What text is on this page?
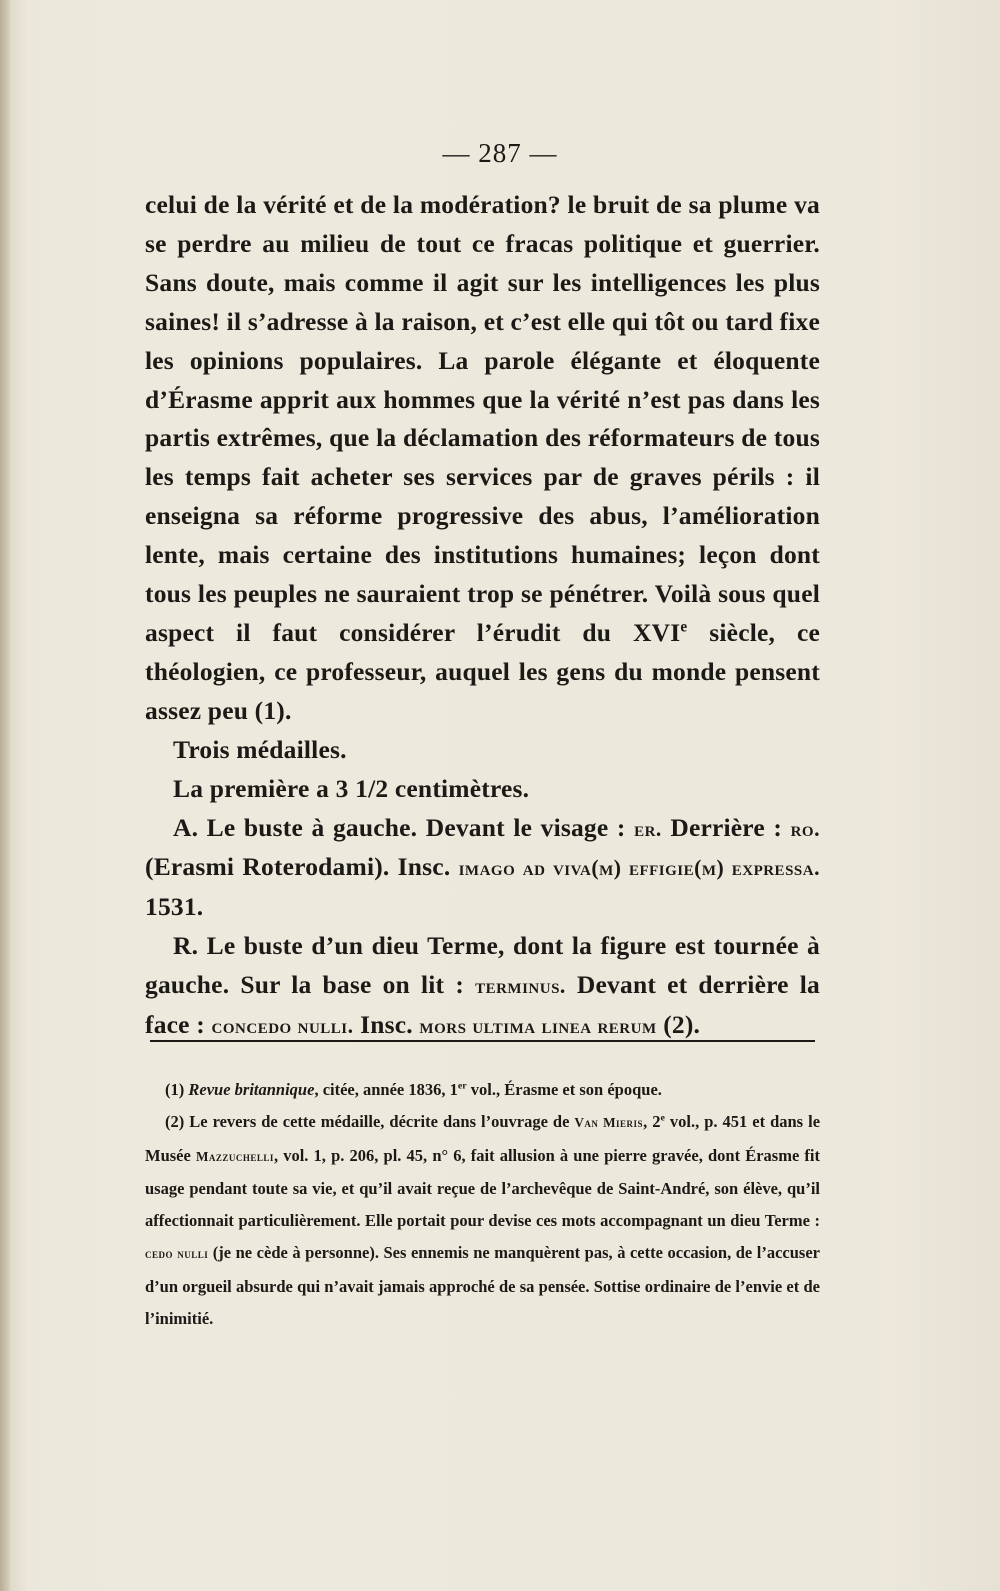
— 287 —

celui de la vérité et de la modération? le bruit de sa plume va se perdre au milieu de tout ce fracas politique et guerrier. Sans doute, mais comme il agit sur les intelligences les plus saines! il s’adresse à la raison, et c’est elle qui tôt ou tard fixe les opinions populaires. La parole élégante et éloquente d’Érasme apprit aux hommes que la vérité n’est pas dans les partis extrêmes, que la déclamation des réformateurs de tous les temps fait acheter ses services par de graves périls : il enseigna sa réforme progressive des abus, l’amélioration lente, mais certaine des institutions humaines; leçon dont tous les peuples ne sauraient trop se pénétrer. Voilà sous quel aspect il faut considérer l’érudit du XVIe siècle, ce théologien, ce professeur, auquel les gens du monde pensent assez peu (1).

Trois médailles.

La première a 3 1/2 centimètres.

A. Le buste à gauche. Devant le visage : er. Derrière : ro. (Erasmi Roterodami). Insc. imago ad viva(m) effigie(m) expressa. 1531.

R. Le buste d’un dieu Terme, dont la figure est tournée à gauche. Sur la base on lit : terminus. Devant et derrière la face : concedo nulli. Insc. mors ultima linea rerum (2).

(1) Revue britannique, citée, année 1836, 1er vol., Érasme et son époque.

(2) Le revers de cette médaille, décrite dans l’ouvrage de Van Mieris, 2e vol., p. 451 et dans le Musée Mazzuchelli, vol. 1, p. 206, pl. 45, n° 6, fait allusion à une pierre gravée, dont Érasme fit usage pendant toute sa vie, et qu’il avait reçue de l’archevêque de Saint-André, son élève, qu’il affectionnait particulièrement. Elle portait pour devise ces mots accompagnant un dieu Terme : cedo nulli (je ne cède à personne). Ses ennemis ne manquèrent pas, à cette occasion, de l’accuser d’un orgueil absurde qui n’avait jamais approché de sa pensée. Sottise ordinaire de l’envie et de l’inimitié.
